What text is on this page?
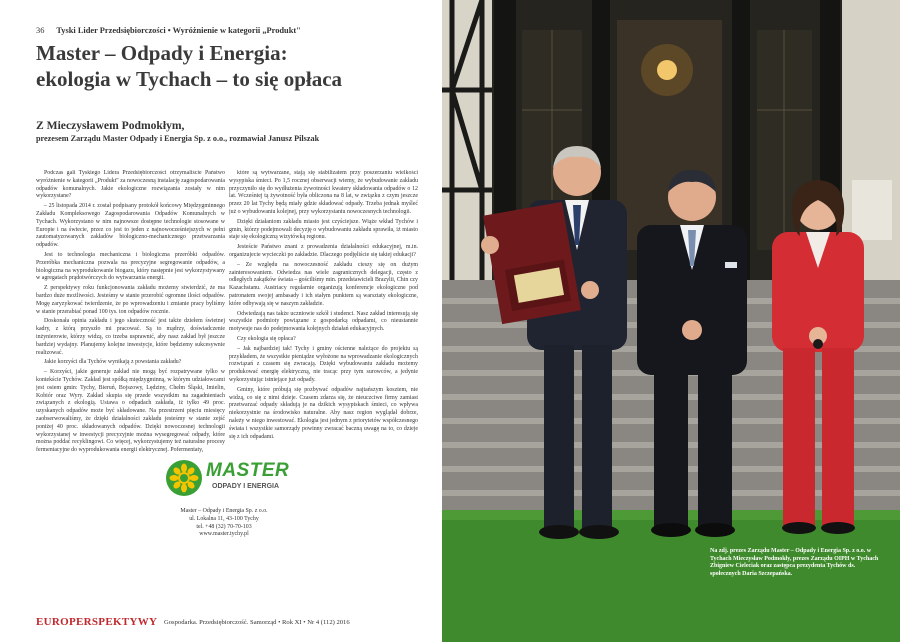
36 Tyski Lider Przedsiębiorczości • Wyróżnienie w kategorii „Produkt"
Master – Odpady i Energia:
ekologia w Tychach – to się opłaca
Z Mieczysławem Podmokłym,
prezesem Zarządu Master Odpady i Energia Sp. z o.o., rozmawiał Janusz Pilszak

Podczas gali Tyskiego Lidera Przedsiębiorczości otrzymaliście Państwo wyróżnienie w kategorii „Produkt" za nowoczesną instalację zagospodarowania odpadów komunalnych. Jakie ekologiczne rozwiązania zostały w nim wykorzystane?

– 25 listopada 2014 r. został podpisany protokół końcowy Międzygminnego Zakładu Kompleksowego Zagospodarowania Odpadów Komunalnych w Tychach. Wykorzystano w nim najnowsze dostępne technologie stosowane w Europie i na świecie, przez co jest to jeden z najnowocześniejszych w pełni zautomatyzowanych zakładów biologiczno-mechanicznego przetwarzania odpadów.

Jest to technologia mechaniczna i biologiczna przeróbki odpadów. Przeróbka mechaniczna pozwala na precyzyjne segregowanie odpadów, a biologiczna na wyprodukowanie biogazu, który następnie jest wykorzystywany w agregatach prądotwórczych do wytwarzania energii.

Z perspektywy roku funkcjonowania zakładu możemy stwierdzić, że ma bardzo duże możliwości. Jesteśmy w stanie przerobić ogromne ilości odpadów. Mogę zaryzykować twierdzenie, że po wprowadzeniu i zmianie pracy byliśmy w stanie przerabiać ponad 100 tys. ton odpadów rocznie.

Doskonała opinia zakładu i jego skuteczność jest także dziełem świetnej kadry, z którą przyszło mi pracować. Są to mądrzy, doświadczenie inżynierowie, którzy widzą, co trzeba usprawnić, aby nasz zakład był jeszcze bardziej wydajny. Planujemy kolejne inwestycje, które będziemy sukcesywnie realizować.

Jakie korzyści dla Tychów wynikają z powstania zakładu?

– Korzyści, jakie generuje zakład nie mogą być rozpatrywane tylko w kontekście Tychów. Zakład jest spółką międzygminną, w którym udziałowcami jest osiem gmin: Tychy, Bieruń, Bojszowy, Lędziny, Chełm Śląski, Imielin, Kobiór oraz Wyry. Zakład skupia się przede wszystkim na zagadnieniach związanych z ekologią. Ustawa o odpadach zakłada, iż tylko 49 proc. uzyskanych odpadów może być składowane. Na przestrzeni pięciu miesięcy zaobserwowaliśmy, że dzięki działalności zakładu jesteśmy w stanie zejść poniżej 40 proc. składowanych odpadów. Dzięki nowoczesnej technologii wykorzystanej w inwestycji precyzyjnie można wysegregować odpady, które można poddać recyklingowi. Co więcej, wykorzystujemy też naturalne procesy fermentacyjne do wyprodukowania energii elektrycznej. Pofermentaty,

które są wytwarzane, stają się stabilizatem przy poszerzaniu wielkości wysypiska śmieci. Po 1,5 rocznej obserwacji wiemy, że wybudowanie zakładu przyczyniło się do wydłużenia żywotności kwatery składowania odpadów o 12 lat. Wcześniej tą żywotność była obliczona na 8 lat, w związku z czym jeszcze przez 20 lat Tychy będą miały gdzie składować odpady. Trzeba jednak myśleć już o wybudowaniu kolejnej, przy wykorzystaniu nowoczesnych technologii.

Dzięki działaniom zakładu miasto jest czyściejsze. Wiąże wkład Tychów i gmin, którzy podejmowali decyzję o wybudowaniu zakładu sprawiła, iż miasto staje się ekologiczną wizytówką regionu.

Jesteście Państwo znani z prowadzenia działalności edukacyjnej, m.in. organizujecie wycieczki po zakładzie. Dlaczego podjęliście się takiej edukacji?

– Ze względu na nowoczesność zakładu cieszy się on dużym zainteresowaniem. Odwiedza nas wiele zagranicznych delegacji, często z odległych zakątków świata – gościliśmy min. przedstawicieli Brazylii, Chin czy Kazachstanu. Austriacy regularnie organizują konferencje ekologiczne pod patronatem swojej ambasady i ich stałym punktem są warsztaty ekologiczne, które odbywają się w naszym zakładzie.

Odwiedzają nas także uczniowie szkół i studenci. Nasz zakład interesują się wszystkie podmioty powiązane z gospodarką odpadami, co nieustannie motywuje nas do podejmowania kolejnych działań edukacyjnych.

Czy ekologia się opłaca?

– Jak najbardziej tak! Tychy i gminy ościenne należące do projektu są przykładem, że wszystkie pieniądze wyłożone na wprowadzanie ekologicznych rozwiązań z czasem się zwracają. Dzięki wybudowaniu zakładu możemy produkować energię elektryczną, nie tracąc przy tym surowców, a jedynie wykorzystując istniejące już odpady.

Gminy, które próbują się pozbywać odpadów najtańszym kosztem, nie widzą, co się z nimi dzieje. Czasem zdarza się, że nieuczciwe firmy zamiast przetwarzać odpady składują je na dzikich wysypiskach śmieci, co wpływa niekorzystnie na środowisko naturalne. Aby nasz region wyglądał dobrze, należy w niego inwestować. Ekologia jest jednym z priorytetów współczesnego świata i wszystkie samorządy powinny zwracać baczną uwagę na to, co dzieje się z ich odpadami.

MASTER
ODPADY I ENERGIA
Master – Odpady i Energia Sp. z o.o.
ul. Lokalna 11, 43-100 Tychy
tel. +48 (32) 70-70-103
www.master.tychy.pl
EUROPERSPEKTYWY Gospodarka. Przedsiębiorczość. Samorząd • Rok XI • Nr 4 (112) 2016
Na zdj. prezes Zarządu Master – Odpady i Energia Sp. z o.o. w Tychach Mieczysław Podmokły, prezes Zarządu OIPH w Tychach Zbigniew Cieleciak oraz zastępca prezydenta Tychów ds. społecznych Daria Szczepańska.
